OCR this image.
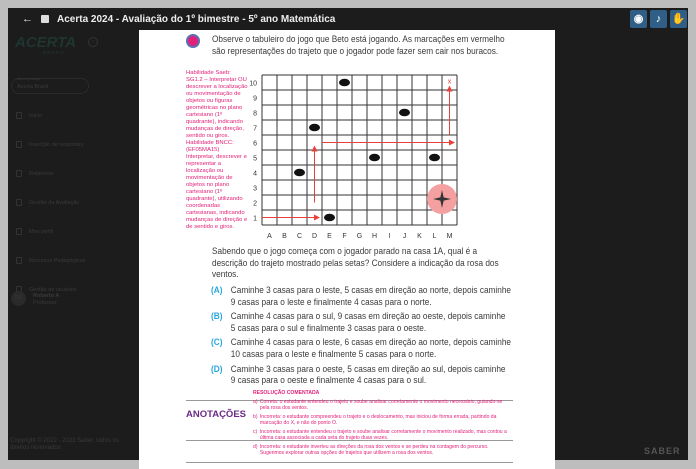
ACERTA
BRASIL
‹
Alterar produto *
Acerta Brasil
Início
Inserção de respostas
Relatórios
Gestão da Avaliação
Meu perfil
Recursos Pedagógicos
Gestão de usuários
RS	Roberto A
Professor
Copyright © 2022 - 2023 Saber, todos os direitos reservados	SABER
← Acerta 2024 - Avaliação do 1º bimestre - 5º ano Matemática	◉	♪ ✋
Observe o tabuleiro do jogo que Beto está jogando. As marcações em vermelho são representações do trajeto que o jogador pode fazer sem cair nos buracos.
Habilidade Saeb: SG1.2 – Interpretar OU descrever a localização ou movimentação de objetos ou figuras geométricas no plano cartesiano (1º quadrante), indicando mudanças de direção, sentido ou giros. Habilidade BNCC: (EF05MA15) Interpretar, descrever e representar a localização ou movimentação de objetos no plano cartesiano (1º quadrante), utilizando coordenadas cartesianas, indicando mudanças de direção e de sentido e giros.
A B C D E F G H I J K L M
1
2
3
4
5
6
7
8
9
10	x
Sabendo que o jogo começa com o jogador parado na casa 1A, qual é a descrição do trajeto mostrado pelas setas? Considere a indicação da rosa dos ventos.
(A) Caminhe 3 casas para o leste, 5 casas em direção ao norte, depois caminhe 9 casas para o leste e finalmente 4 casas para o norte.
(B) Caminhe 4 casas para o sul, 9 casas em direção ao oeste, depois caminhe 5 casas para o sul e finalmente 3 casas para o oeste.
(C) Caminhe 4 casas para o leste, 6 casas em direção ao norte, depois caminhe 10 casas para o leste e finalmente 5 casas para o norte.
(D) Caminhe 3 casas para o oeste, 5 casas em direção ao sul, depois caminhe 9 casas para o oeste e finalmente 4 casas para o sul.
ANOTAÇÕES
RESOLUÇÃO COMENTADA
a) Correta: o estudante entendeu o trajeto e soube analisar corretamente o movimento necessário, guiando-se pela rosa dos ventos.
b) Incorreta: o estudante compreendeu o trajeto e o deslocamento, mas iniciou de forma errada, partindo da marcação do X, e não do ponto O.
c) Incorreta: o estudante entendeu o trajeto e soube analisar corretamente o movimento realizado, mas contou a última casa associada a cada seta do trajeto duas vezes.
d) Incorreta: o estudante inverteu as direções da rosa dos ventos e se perdeu na contagem do percurso. Sugerimos explorar outras opções de trajetos que utilizem a rosa dos ventos.
